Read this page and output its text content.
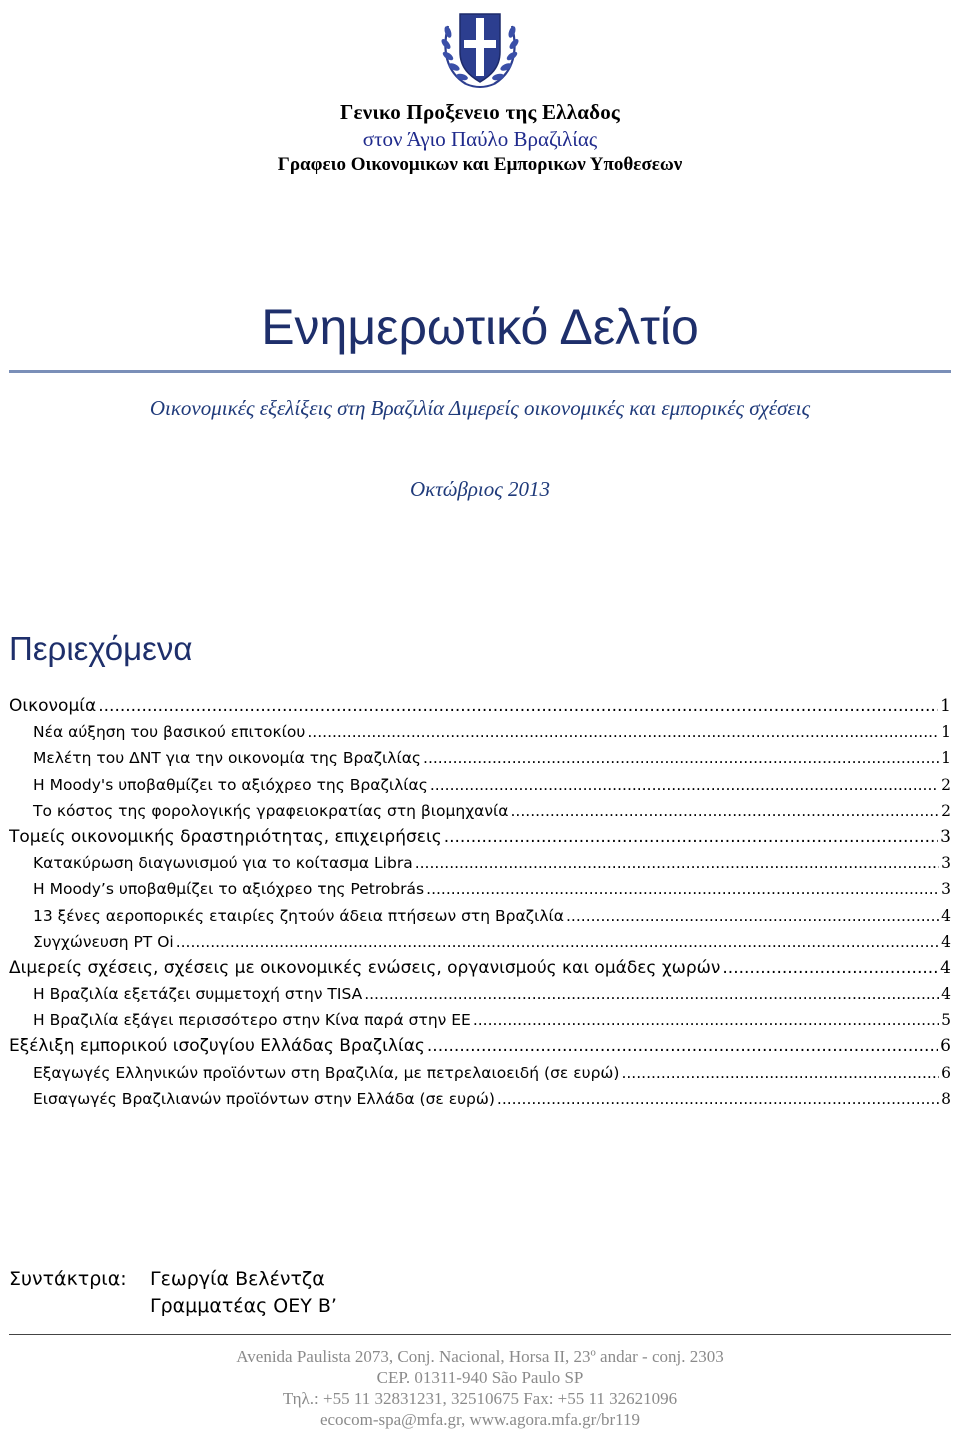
Γενικο Προξενειο της Ελλαδος
στον Άγιο Παύλο Βραζιλίας
Γραφειο Οικονομικων και Εμπορικων Υποθεσεων
Ενημερωτικό Δελτίο
Οικονομικές εξελίξεις στη Βραζιλία Διμερείς οικονομικές και εμπορικές σχέσεις
Οκτώβριος 2013
Περιεχόμενα
Οικονομία .....	1
Νέα αύξηση του βασικού επιτοκίου .....	1
Μελέτη του ΔΝΤ για την οικονομία της Βραζιλίας .....	1
Η Moody's υποβαθμίζει το αξιόχρεο της Βραζιλίας .....	2
Το κόστος της φορολογικής γραφειοκρατίας στη βιομηχανία .....	2
Τομείς οικονομικής δραστηριότητας, επιχειρήσεις .....	3
Κατακύρωση διαγωνισμού για το κοίτασμα Libra .....	3
Η Moody’s υποβαθμίζει το αξιόχρεο της Petrobrás .....	3
13 ξένες αεροπορικές εταιρίες ζητούν άδεια πτήσεων στη Βραζιλία .....	4
Συγχώνευση PT Oi .....	4
Διμερείς σχέσεις, σχέσεις με οικονομικές ενώσεις, οργανισμούς και ομάδες χωρών .....	4
Η Βραζιλία εξετάζει συμμετοχή στην TISA .....	4
Η Βραζιλία εξάγει περισσότερο στην Κίνα παρά στην ΕΕ .....	5
Εξέλιξη εμπορικού ισοζυγίου Ελλάδας Βραζιλίας .....	6
Εξαγωγές Ελληνικών προϊόντων στη Βραζιλία, με πετρελαιοειδή (σε ευρώ) .....	6
Εισαγωγές Βραζιλιανών προϊόντων στην Ελλάδα (σε ευρώ) .....	8
Συντάκτρια: Γεωργία Βελέντζα
Γραμματέας ΟΕΥ Β’
Avenida Paulista 2073, Conj. Nacional, Horsa II, 23º andar - conj. 2303
CEP. 01311-940 São Paulo SP
Τηλ.: +55 11 32831231, 32510675 Fax: +55 11 32621096
ecocom-spa@mfa.gr, www.agora.mfa.gr/br119
